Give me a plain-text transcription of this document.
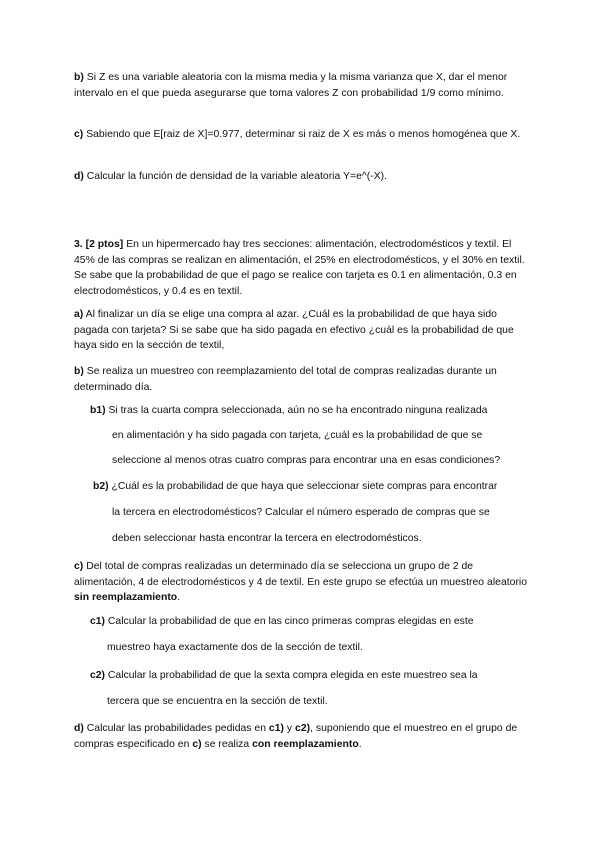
b) Si Z es una variable aleatoria con la misma media y la misma varianza que X, dar el menor intervalo en el que pueda asegurarse que toma valores Z con probabilidad 1/9 como mínimo.
c) Sabiendo que E[raiz de X]=0.977, determinar si raiz de X es más o menos homogénea que X.
d) Calcular la función de densidad de la variable aleatoria Y=e^(-X).
3. [2 ptos] En un hipermercado hay tres secciones: alimentación, electrodomésticos y textil. El 45% de las compras se realizan en alimentación, el 25% en electrodomésticos, y el 30% en textil. Se sabe que la probabilidad de que el pago se realice con tarjeta es 0.1 en alimentación, 0.3 en electrodomésticos, y 0.4 es en textil.
a) Al finalizar un día se elige una compra al azar. ¿Cuál es la probabilidad de que haya sido pagada con tarjeta? Si se sabe que ha sido pagada en efectivo ¿cuál es la probabilidad de que haya sido en la sección de textil,
b) Se realiza un muestreo con reemplazamiento del total de compras realizadas durante un determinado día.
b1) Si tras la cuarta compra seleccionada, aún no se ha encontrado ninguna realizada
en alimentación y ha sido pagada con tarjeta, ¿cuál es la probabilidad de que se
seleccione al menos otras cuatro compras para encontrar una en esas condiciones?
b2) ¿Cuál es la probabilidad de que haya que seleccionar siete compras para encontrar
la tercera en electrodomésticos? Calcular el número esperado de compras que se
deben seleccionar hasta encontrar la tercera en electrodomésticos.
c) Del total de compras realizadas un determinado día se selecciona un grupo de 2 de alimentación, 4 de electrodomésticos y 4 de textil. En este grupo se efectúa un muestreo aleatorio sin reemplazamiento.
c1) Calcular la probabilidad de que en las cinco primeras compras elegidas en este
muestreo haya exactamente dos de la sección de textil.
c2) Calcular la probabilidad de que la sexta compra elegida en este muestreo sea la
tercera que se encuentra en la sección de textil.
d) Calcular las probabilidades pedidas en c1) y c2), suponiendo que el muestreo en el grupo de compras especificado en c) se realiza con reemplazamiento.
